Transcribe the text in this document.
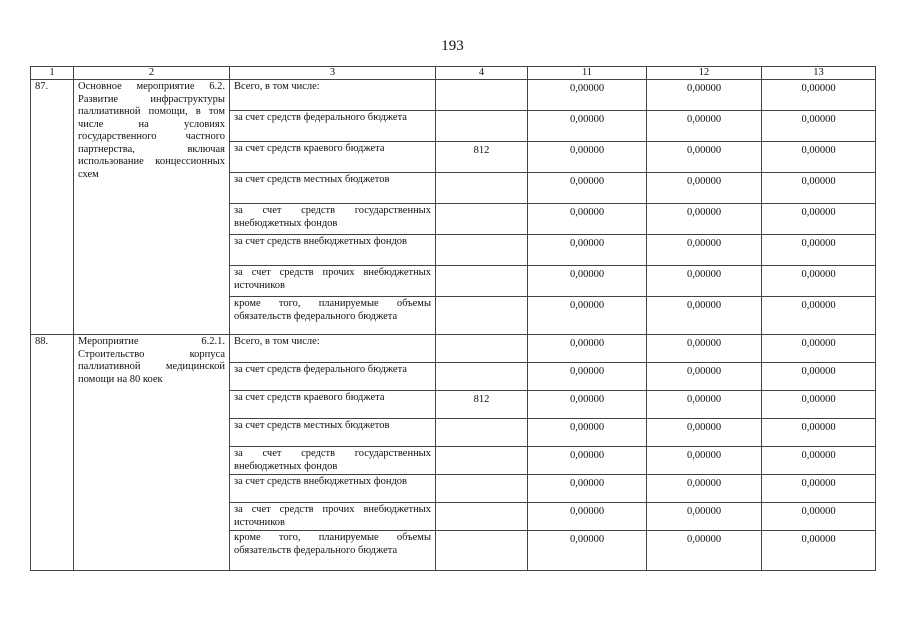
193
1	2	3	4	11	12	13
87.	Основное мероприятие 6.2. Развитие инфраструктуры паллиативной помощи, в том числе на условиях государственного частного партнерства, включая использование концессионных схем	Всего, в том числе:		0,00000	0,00000	0,00000
		за счет средств федерального бюджета		0,00000	0,00000	0,00000
		за счет средств краевого бюджета	812	0,00000	0,00000	0,00000
		за счет средств местных бюджетов		0,00000	0,00000	0,00000
		за счет средств государственных внебюджетных фондов		0,00000	0,00000	0,00000
		за счет средств внебюджетных фондов		0,00000	0,00000	0,00000
		за счет средств прочих внебюджетных источников		0,00000	0,00000	0,00000
		кроме того, планируемые объемы обязательств федерального бюджета		0,00000	0,00000	0,00000
88.	Мероприятие 6.2.1. Строительство корпуса паллиативной медицинской помощи на 80 коек	Всего, в том числе:		0,00000	0,00000	0,00000
		за счет средств федерального бюджета		0,00000	0,00000	0,00000
		за счет средств краевого бюджета	812	0,00000	0,00000	0,00000
		за счет средств местных бюджетов		0,00000	0,00000	0,00000
		за счет средств государственных внебюджетных фондов		0,00000	0,00000	0,00000
		за счет средств внебюджетных фондов		0,00000	0,00000	0,00000
		за счет средств прочих внебюджетных источников		0,00000	0,00000	0,00000
		кроме того, планируемые объемы обязательств федерального бюджета		0,00000	0,00000	0,00000
